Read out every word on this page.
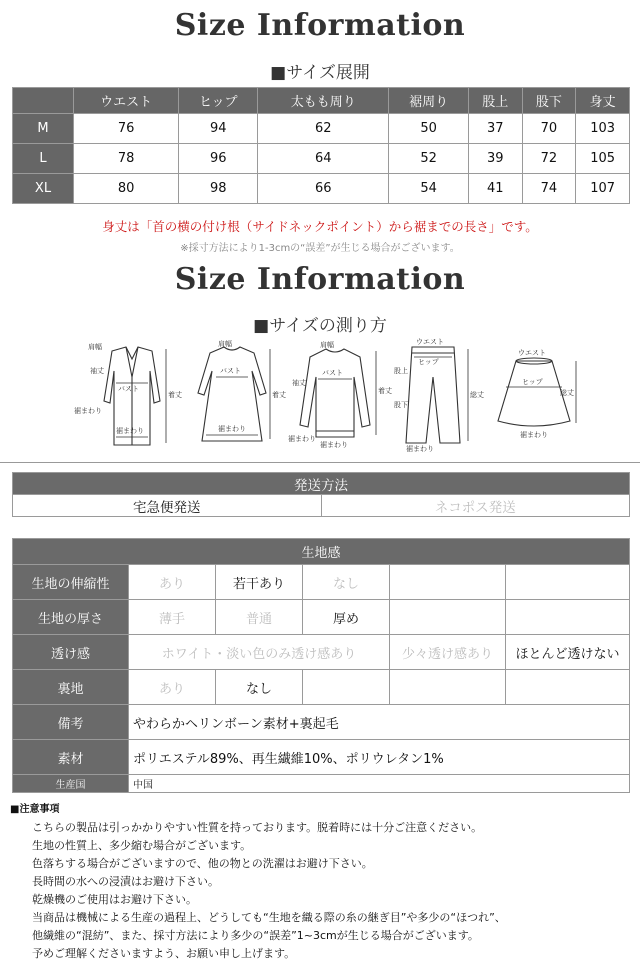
Size Information
■サイズ展開
	ウエスト	ヒップ	太もも周り	裾周り	股上	股下	身丈
M	76	94	62	50	37	70	103
L	78	96	64	52	39	72	105
XL	80	98	66	54	41	74	107
身丈は「首の横の付け根（サイドネックポイント）から裾までの長さ」です。
※採寸方法により1-3cmの“誤差”が生じる場合がございます。
Size Information
■サイズの測り方
肩幅
袖丈
バスト
着丈
裾まわり
裾まわり
肩幅
バスト
着丈
裾まわり
肩幅
バスト
袖丈
着丈
裾まわり
裾まわり
ウエスト
ヒップ
股上
股下
総丈
裾まわり
ウエスト
ヒップ
総丈
裾まわり
発送方法
宅急便発送	ネコポス発送
生地感					
生地の伸縮性	あり	若干あり	なし		
生地の厚さ	薄手	普通	厚め		
透け感	ホワイト・淡い色のみ透け感あり			少々透け感あり	ほとんど透けない
裏地	あり	なし			
備考	やわらかヘリンボーン素材+裏起毛				
素材	ポリエステル89%、再生繊維10%、ポリウレタン1%				
生産国	中国				
■注意事項
こちらの製品は引っかかりやすい性質を持っております。脱着時には十分ご注意ください。
生地の性質上、多少縮む場合がございます。
色落ちする場合がございますので、他の物との洗濯はお避け下さい。
長時間の水への浸漬はお避け下さい。
乾燥機のご使用はお避け下さい。
当商品は機械による生産の過程上、どうしても“生地を織る際の糸の継ぎ目”や多少の“ほつれ”、
他繊維の“混紡”、また、採寸方法により多少の“誤差”1~3cmが生じる場合がございます。
予めご理解くださいますよう、お願い申し上げます。
